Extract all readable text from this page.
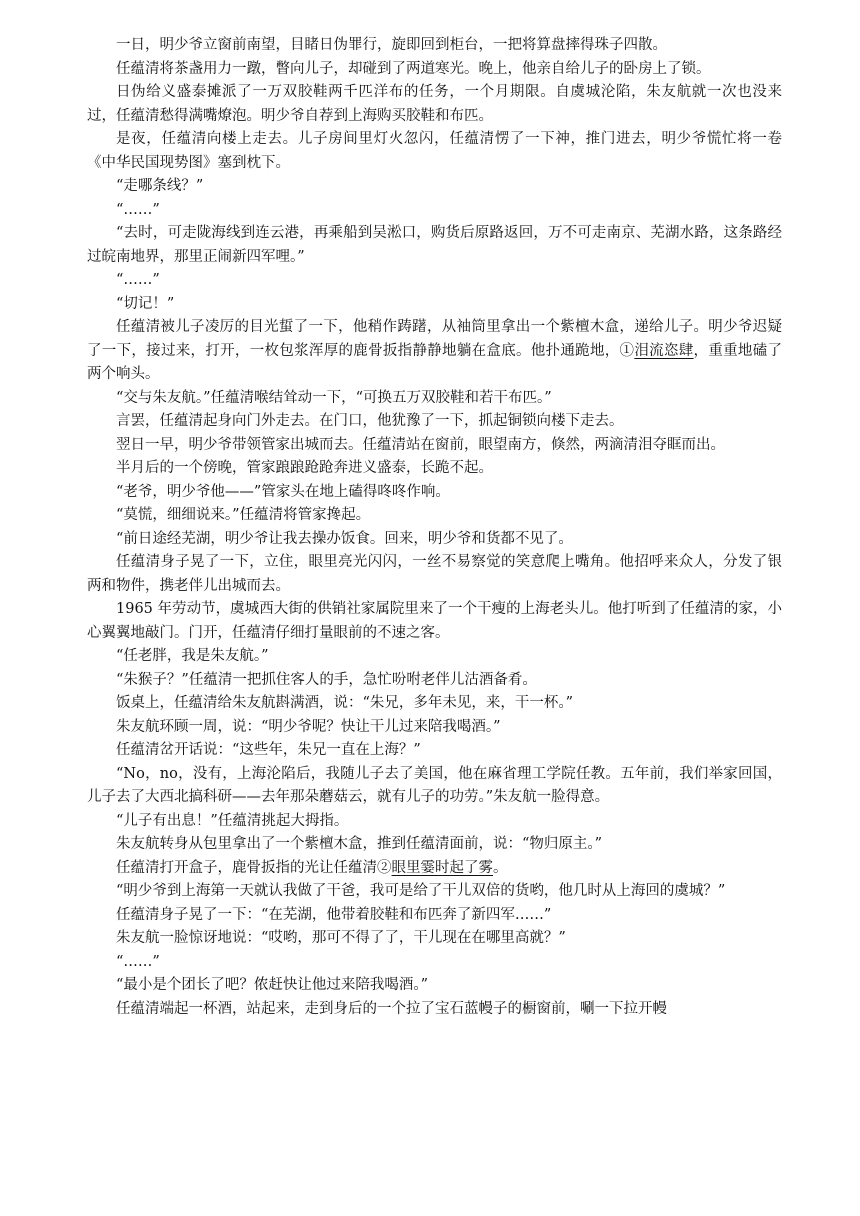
一日，明少爷立窗前南望，目睹日伪罪行，旋即回到柜台，一把将算盘摔得珠子四散。

任蕴清将茶盏用力一蹾，瞥向儿子，却碰到了两道寒光。晚上，他亲自给儿子的卧房上了锁。

日伪给义盛泰摊派了一万双胶鞋两千匹洋布的任务，一个月期限。自虞城沦陷，朱友航就一次也没来过，任蕴清愁得满嘴燎泡。明少爷自荐到上海购买胶鞋和布匹。

是夜，任蕴清向楼上走去。儿子房间里灯火忽闪，任蕴清愣了一下神，推门进去，明少爷慌忙将一卷《中华民国现势图》塞到枕下。

“走哪条线？”

“……”

“去时，可走陇海线到连云港，再乘船到吴淞口，购货后原路返回，万不可走南京、芜湖水路，这条路经过皖南地界，那里正闹新四军哩。”

“……”

“切记！”

任蕴清被儿子凌厉的目光蜇了一下，他稍作踌躇，从袖筒里拿出一个紫檀木盒，递给儿子。明少爷迟疑了一下，接过来，打开，一枚包浆浑厚的鹿骨扳指静静地躺在盒底。他扑通跪地，①泪流恣肆，重重地磕了两个响头。

“交与朱友航。”任蕴清喉结耸动一下，“可换五万双胶鞋和若干布匹。”

言罢，任蕴清起身向门外走去。在门口，他犹豫了一下，抓起铜锁向楼下走去。

翌日一早，明少爷带领管家出城而去。任蕴清站在窗前，眼望南方，倏然，两滴清泪夺眶而出。

半月后的一个傍晚，管家踉踉跄跄奔进义盛泰，长跪不起。

“老爷，明少爷他——”管家头在地上磕得咚咚作响。

“莫慌，细细说来。”任蕴清将管家搀起。

“前日途经芜湖，明少爷让我去操办饭食。回来，明少爷和货都不见了。

任蕴清身子晃了一下，立住，眼里亮光闪闪，一丝不易察觉的笑意爬上嘴角。他招呼来众人，分发了银两和物件，携老伴儿出城而去。

1965 年劳动节，虞城西大街的供销社家属院里来了一个干瘦的上海老头儿。他打听到了任蕴清的家，小心翼翼地敲门。门开，任蕴清仔细打量眼前的不速之客。

“任老胖，我是朱友航。”

“朱猴子？”任蕴清一把抓住客人的手，急忙吩咐老伴儿沽酒备肴。

饭桌上，任蕴清给朱友航斟满酒，说：“朱兄，多年未见，来，干一杯。”

朱友航环顾一周，说：“明少爷呢？快让干儿过来陪我喝酒。”

任蕴清岔开话说：“这些年，朱兄一直在上海？”

“No，no，没有，上海沦陷后，我随儿子去了美国，他在麻省理工学院任教。五年前，我们举家回国，儿子去了大西北搞科研——去年那朵蘑菇云，就有儿子的功劳。”朱友航一脸得意。

“儿子有出息！”任蕴清挑起大拇指。

朱友航转身从包里拿出了一个紫檀木盒，推到任蕴清面前，说：“物归原主。”

任蕴清打开盒子，鹿骨扳指的光让任蕴清②眼里霎时起了雾。

“明少爷到上海第一天就认我做了干爸，我可是给了干儿双倍的货哟，他几时从上海回的虞城？”

任蕴清身子晃了一下：“在芜湖，他带着胶鞋和布匹奔了新四军……”

朱友航一脸惊讶地说：“哎哟，那可不得了了，干儿现在在哪里高就？”

“……”

“最小是个团长了吧？侬赶快让他过来陪我喝酒。”

任蕴清端起一杯酒，站起来，走到身后的一个拉了宝石蓝幔子的橱窗前，唰一下拉开幔
